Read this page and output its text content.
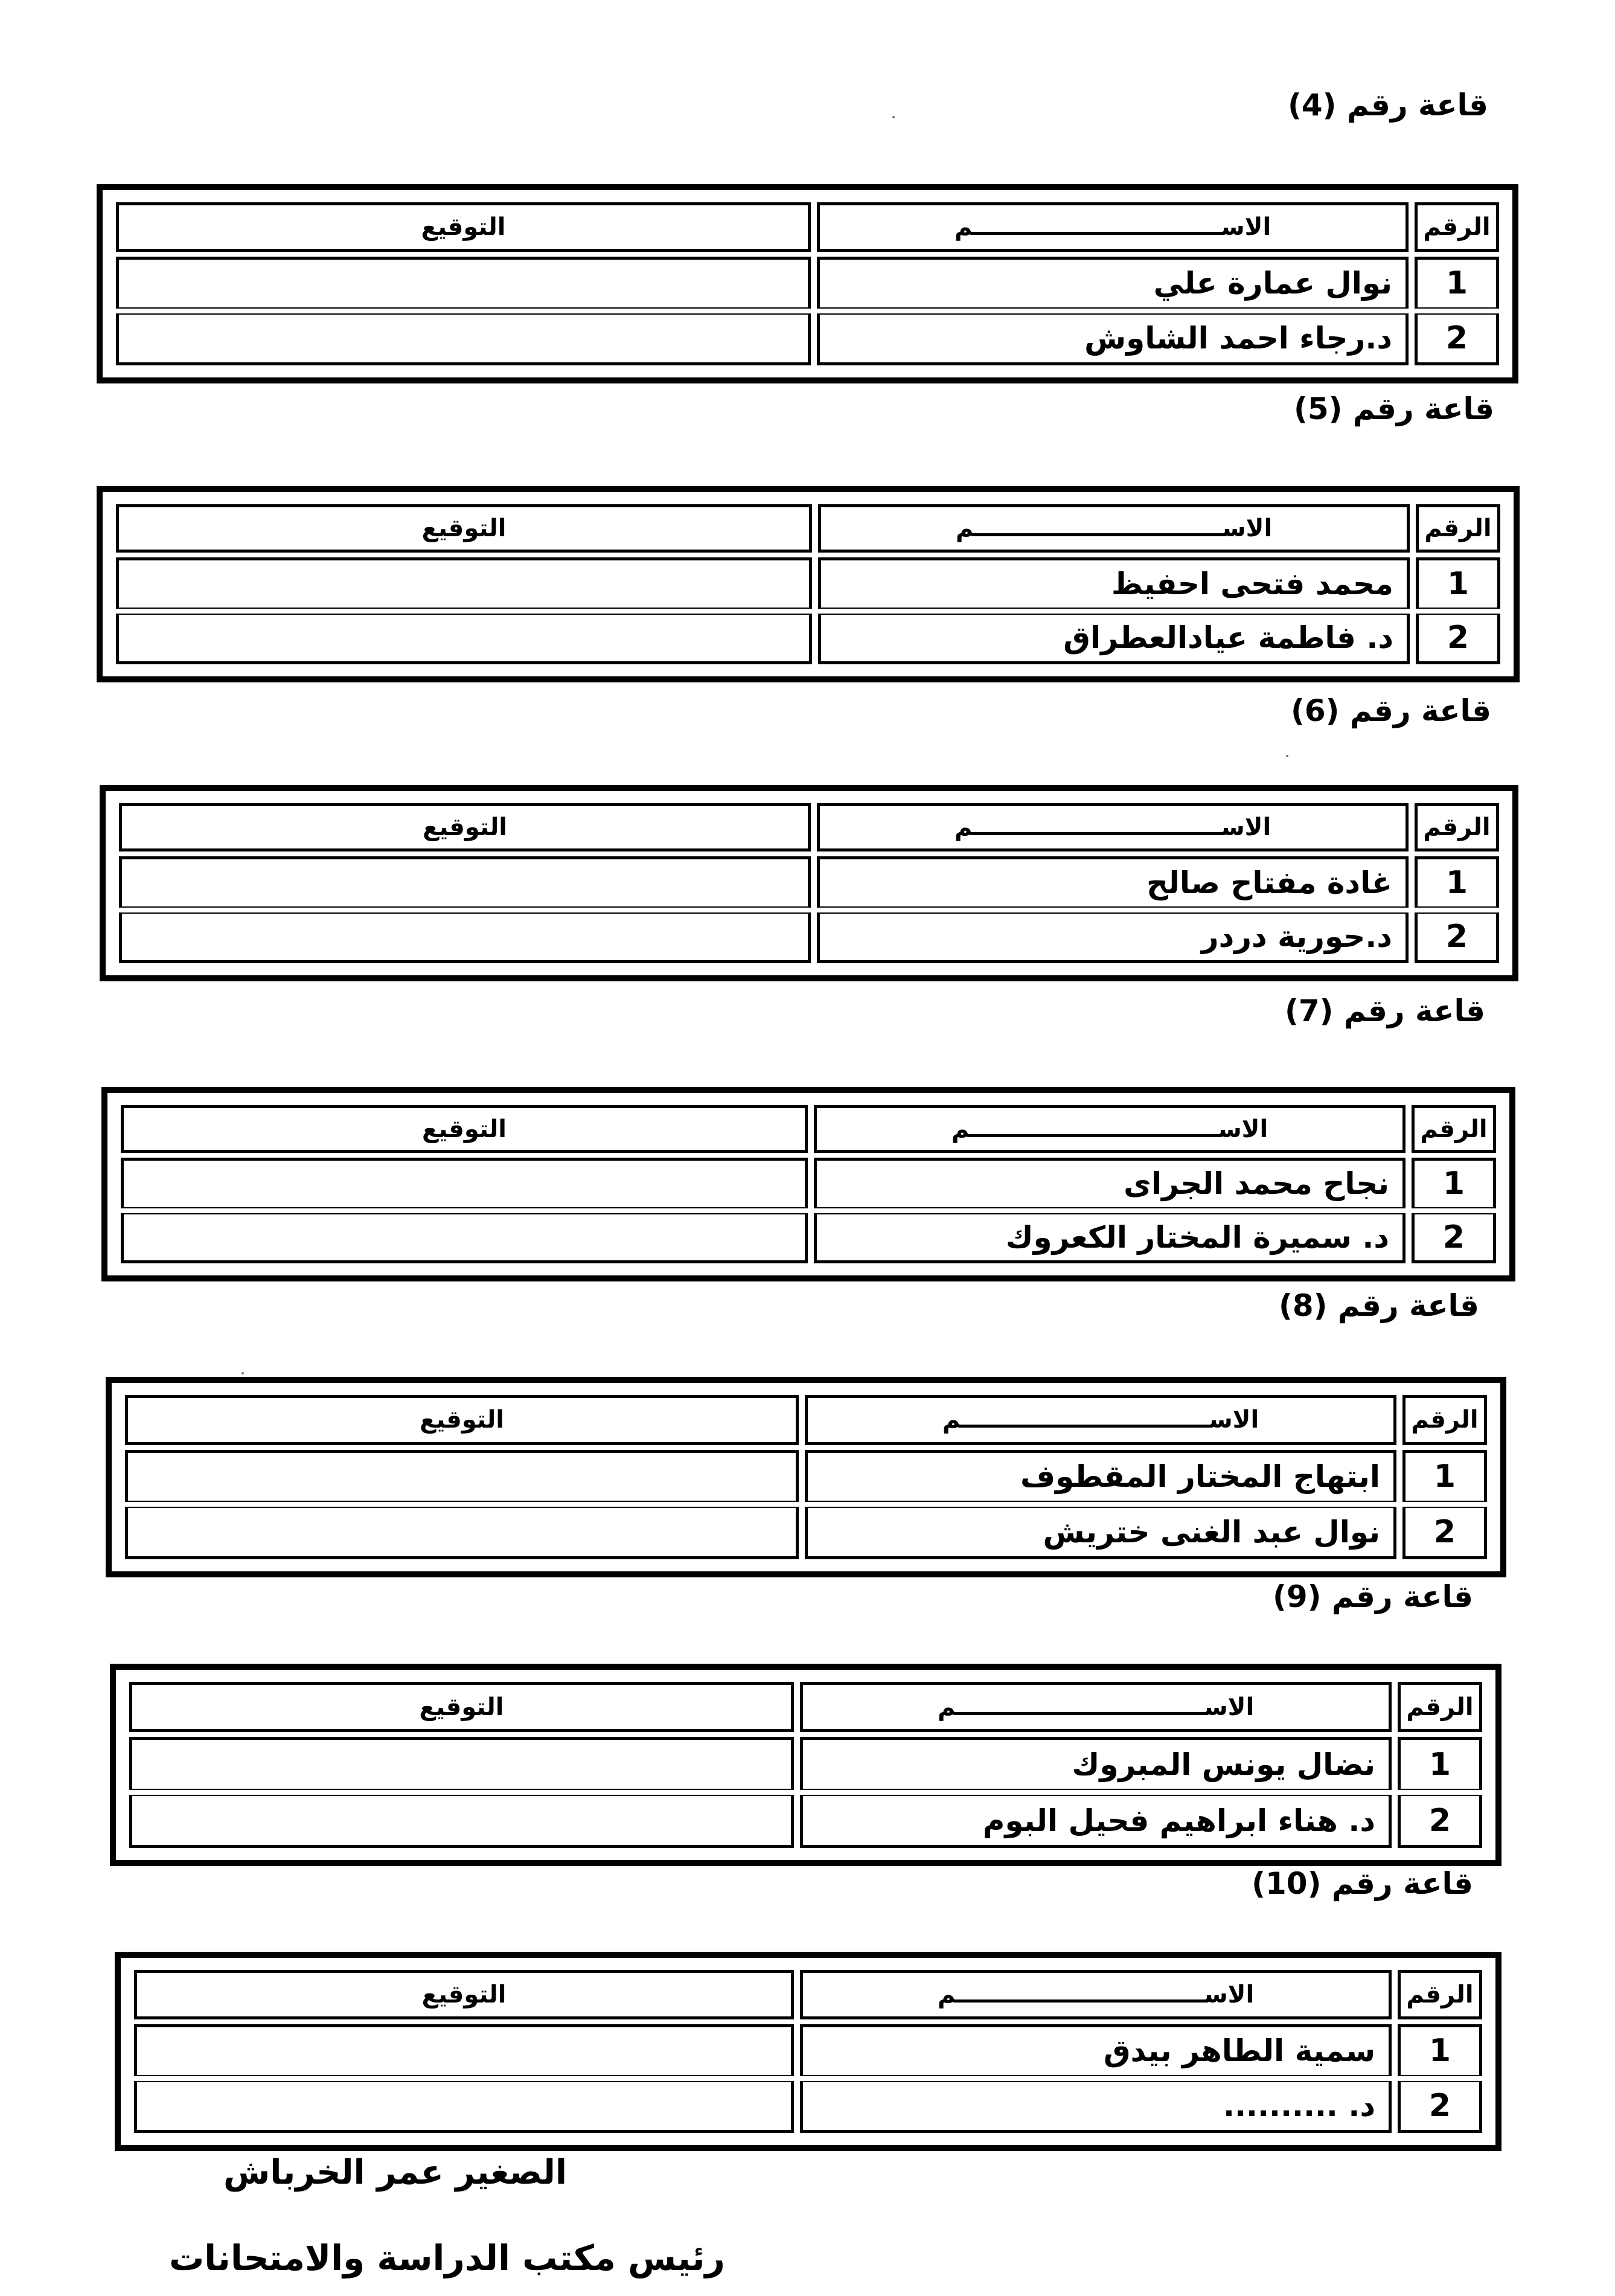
قاعة رقم (4)
الرقم	الاســــــــــــــــــــــــــــــم	التوقيع
1	نوال عمارة علي	
2	د.رجاء احمد الشاوش	
قاعة رقم (5)
الرقم	الاســــــــــــــــــــــــــــــم	التوقيع
1	محمد فتحى احفيظ	
2	د. فاطمة عيادالعطراق	
قاعة رقم (6)
الرقم	الاســــــــــــــــــــــــــــــم	التوقيع
1	غادة مفتاح صالح	
2	د.حورية دردر	
قاعة رقم (7)
الرقم	الاســــــــــــــــــــــــــــــم	التوقيع
1	نجاح محمد الجراى	
2	د. سميرة المختار الكعروك	
قاعة رقم (8)
الرقم	الاســــــــــــــــــــــــــــــم	التوقيع
1	ابتهاج المختار المقطوف	
2	نوال عبد الغنى ختريش	
قاعة رقم (9)
الرقم	الاســــــــــــــــــــــــــــــم	التوقيع
1	نضال يونس المبروك	
2	د. هناء ابراهيم فحيل البوم	
قاعة رقم (10)
الرقم	الاســــــــــــــــــــــــــــــم	التوقيع
1	سمية الطاهر بيدق	
2	د. ..........	
الصغير عمر الخرباش
رئيس مكتب الدراسة والامتحانات
